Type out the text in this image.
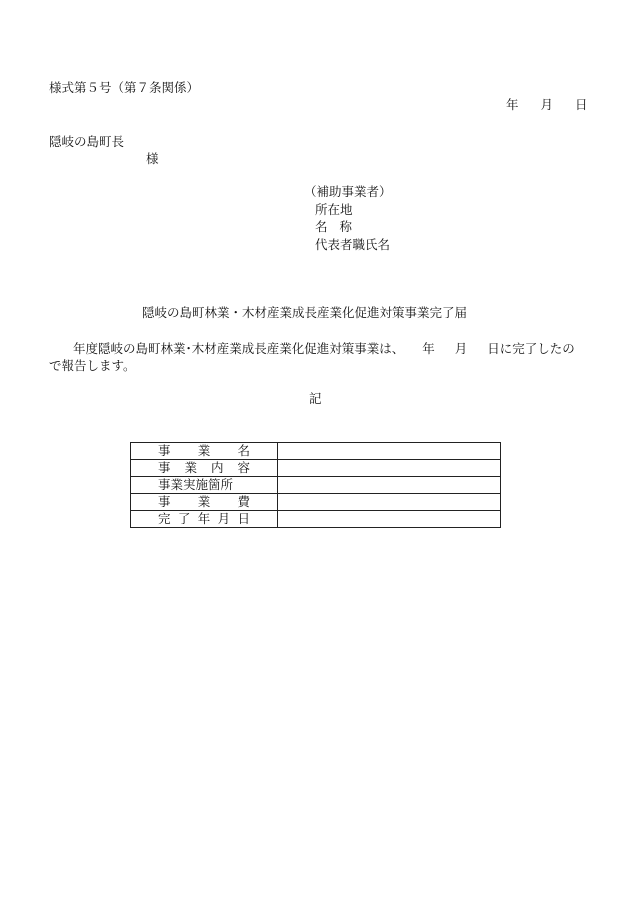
様式第５号（第７条関係）
年 月 日
隠岐の島町長
様
（補助事業者）
所在地
名 称
代表者職氏名
隠岐の島町林業・木材産業成長産業化促進対策事業完了届
年度隠岐の島町林業･木材産業成長産業化促進対策事業は、 年 月 日に完了したので報告します。
記
事 業 名	

事 業 内 容	

事業実施箇所	

事 業 費	

完 了 年 月 日	
